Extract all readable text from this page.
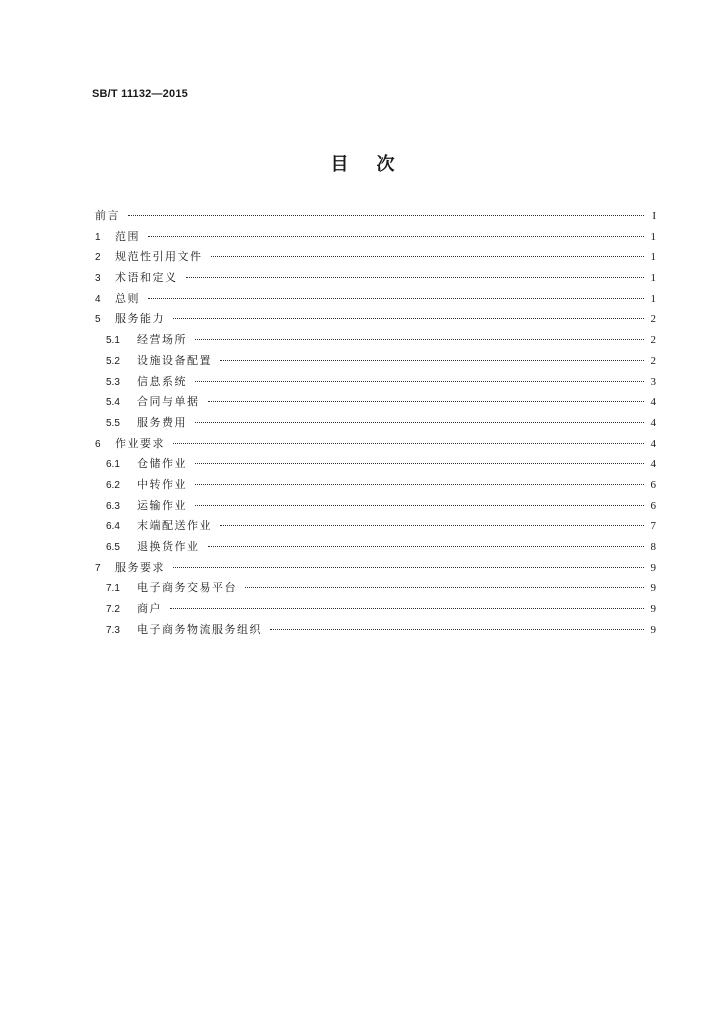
SB/T 11132—2015
目次
前言	I
1	范围	1
2	规范性引用文件	1
3	术语和定义	1
4	总则	1
5	服务能力	2
5.1	经营场所	2
5.2	设施设备配置	2
5.3	信息系统	3
5.4	合同与单据	4
5.5	服务费用	4
6	作业要求	4
6.1	仓储作业	4
6.2	中转作业	6
6.3	运输作业	6
6.4	末端配送作业	7
6.5	退换货作业	8
7	服务要求	9
7.1	电子商务交易平台	9
7.2	商户	9
7.3	电子商务物流服务组织	9
